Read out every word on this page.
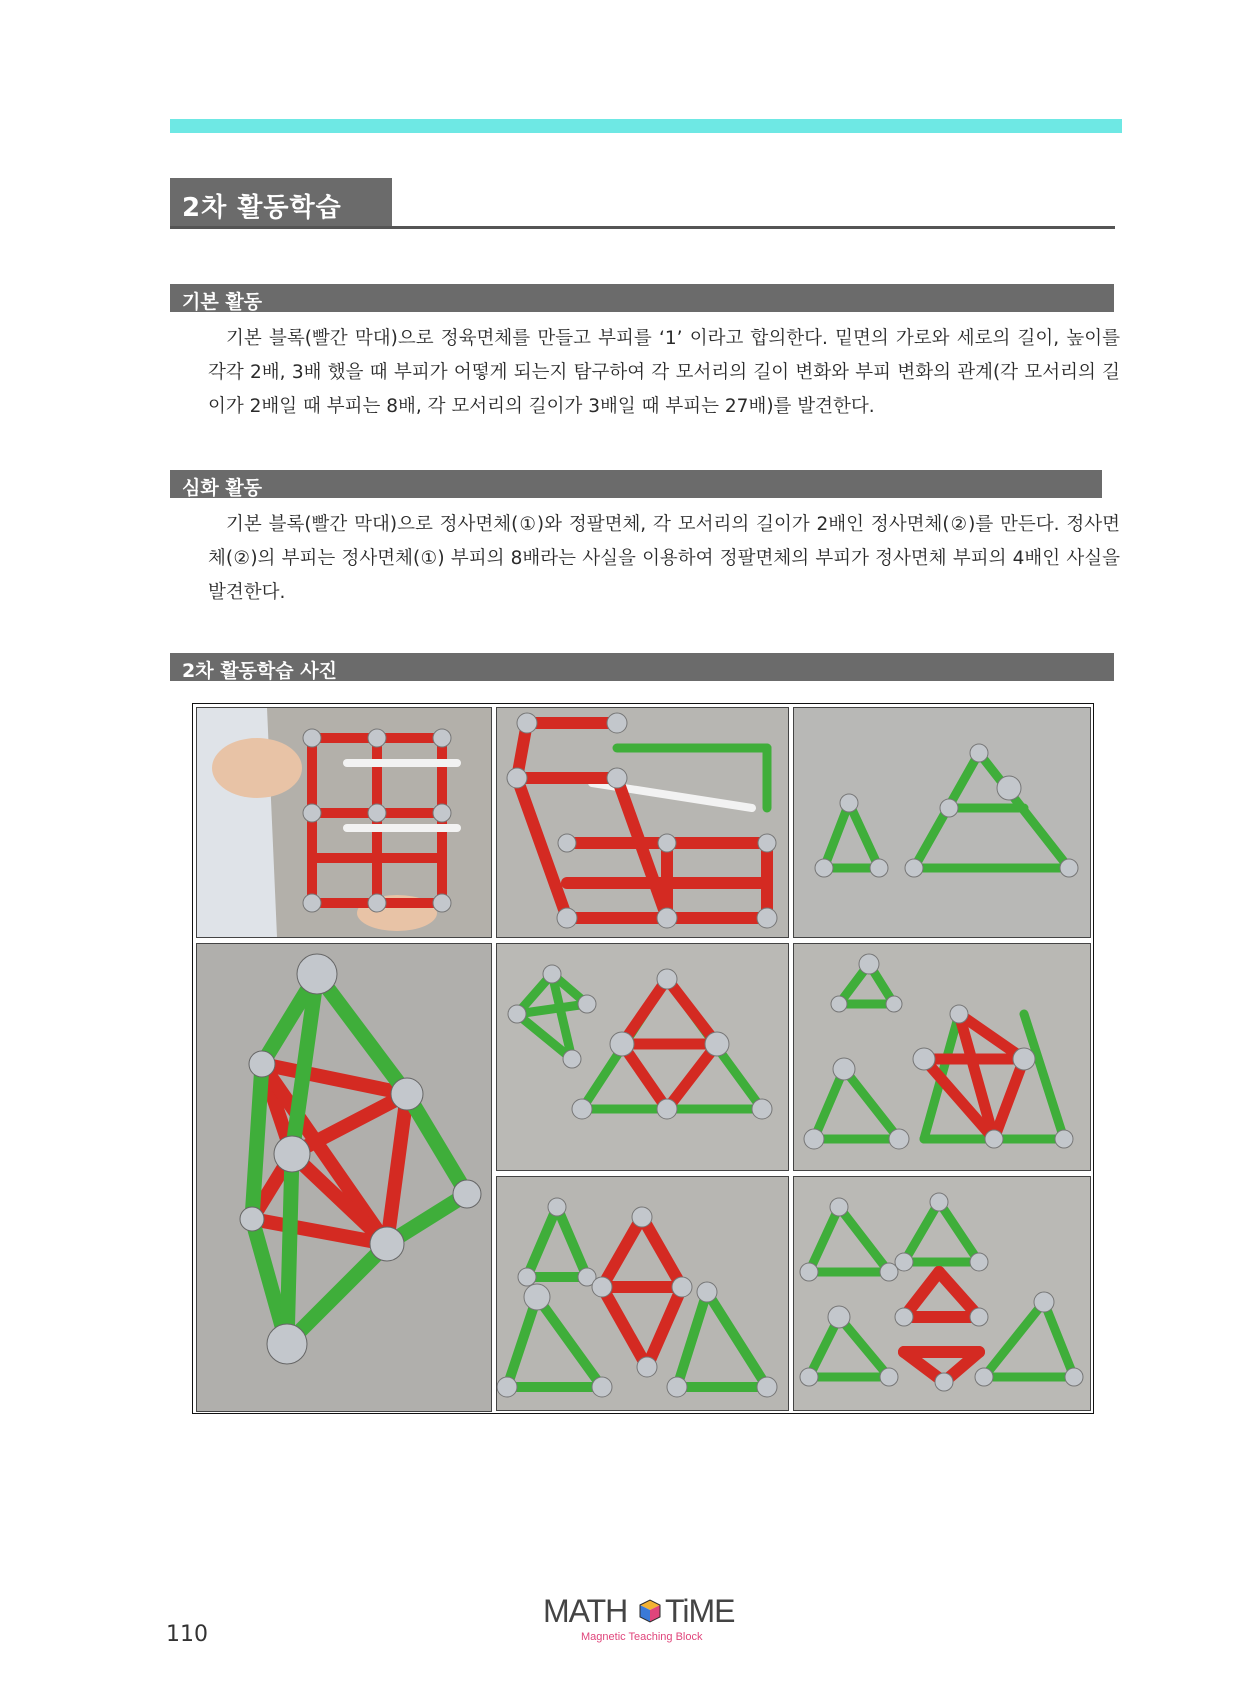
2차 활동학습
기본 활동

기본 블록(빨간 막대)으로 정육면체를 만들고 부피를 ‘1’ 이라고 합의한다. 밑면의 가로와 세로의 길이, 높이를 각각 2배, 3배 했을 때 부피가 어떻게 되는지 탐구하여 각 모서리의 길이 변화와 부피 변화의 관계(각 모서리의 길이가 2배일 때 부피는 8배, 각 모서리의 길이가 3배일 때 부피는 27배)를 발견한다.

심화 활동

기본 블록(빨간 막대)으로 정사면체(①)와 정팔면체, 각 모서리의 길이가 2배인 정사면체(②)를 만든다. 정사면체(②)의 부피는 정사면체(①) 부피의 8배라는 사실을 이용하여 정팔면체의 부피가 정사면체 부피의 4배인 사실을 발견한다.

2차 활동학습 사진
110
MATH TiME
Magnetic Teaching Block
